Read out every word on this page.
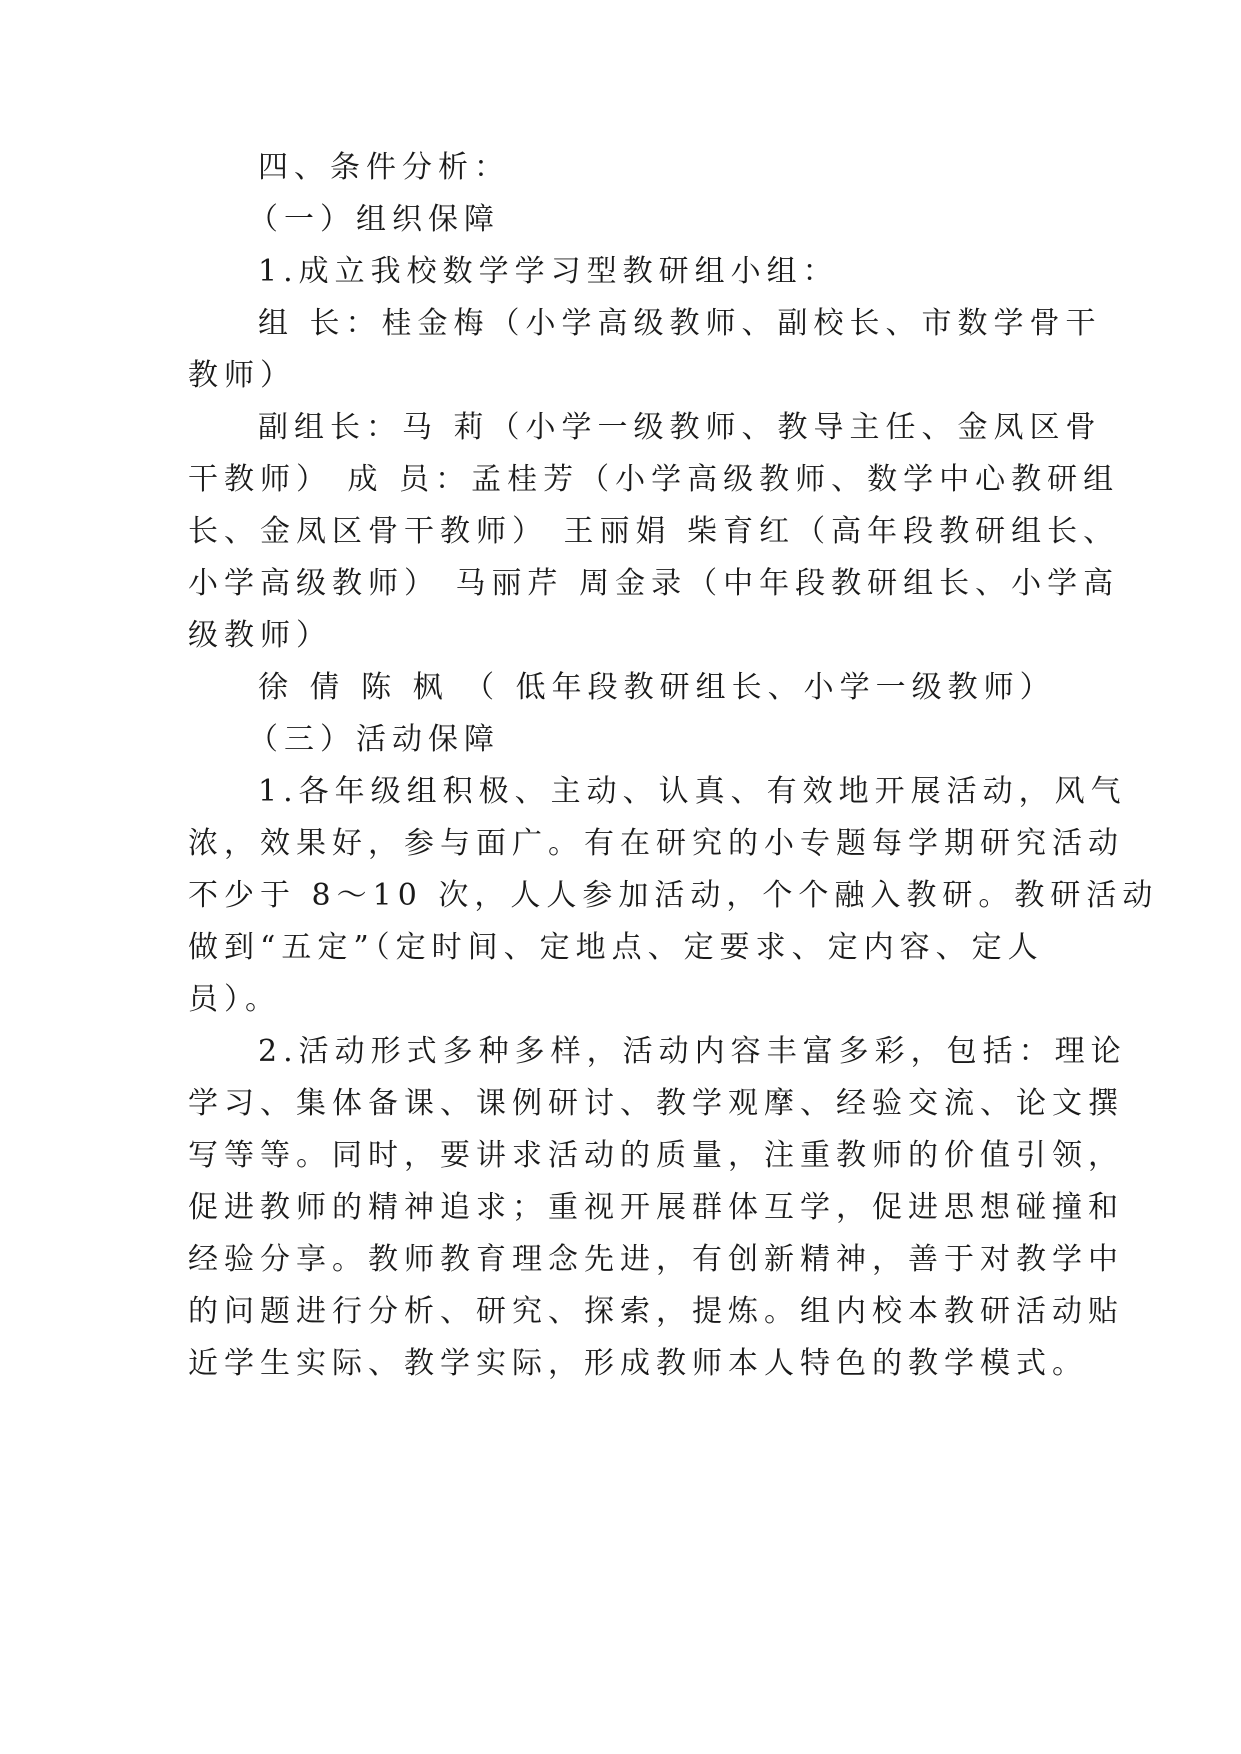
四、条件分析：
（一）组织保障
1.成立我校数学学习型教研组小组：
组 长：桂金梅（小学高级教师、副校长、市数学骨干
教师）
副组长：马 莉（小学一级教师、教导主任、金凤区骨
干教师） 成 员：孟桂芳（小学高级教师、数学中心教研组
长、金凤区骨干教师） 王丽娟 柴育红（高年段教研组长、
小学高级教师） 马丽芹 周金录（中年段教研组长、小学高
级教师）
徐 倩 陈 枫 （ 低年段教研组长、小学一级教师）
（三）活动保障
1.各年级组积极、主动、认真、有效地开展活动，风气
浓，效果好，参与面广。有在研究的小专题每学期研究活动
不少于 8～10 次，人人参加活动，个个融入教研。教研活动
做到“五定”（定时间、定地点、定要求、定内容、定人
员）。
2.活动形式多种多样，活动内容丰富多彩，包括：理论
学习、集体备课、课例研讨、教学观摩、经验交流、论文撰
写等等。同时，要讲求活动的质量，注重教师的价值引领，
促进教师的精神追求；重视开展群体互学，促进思想碰撞和
经验分享。教师教育理念先进，有创新精神，善于对教学中
的问题进行分析、研究、探索，提炼。组内校本教研活动贴
近学生实际、教学实际，形成教师本人特色的教学模式。
